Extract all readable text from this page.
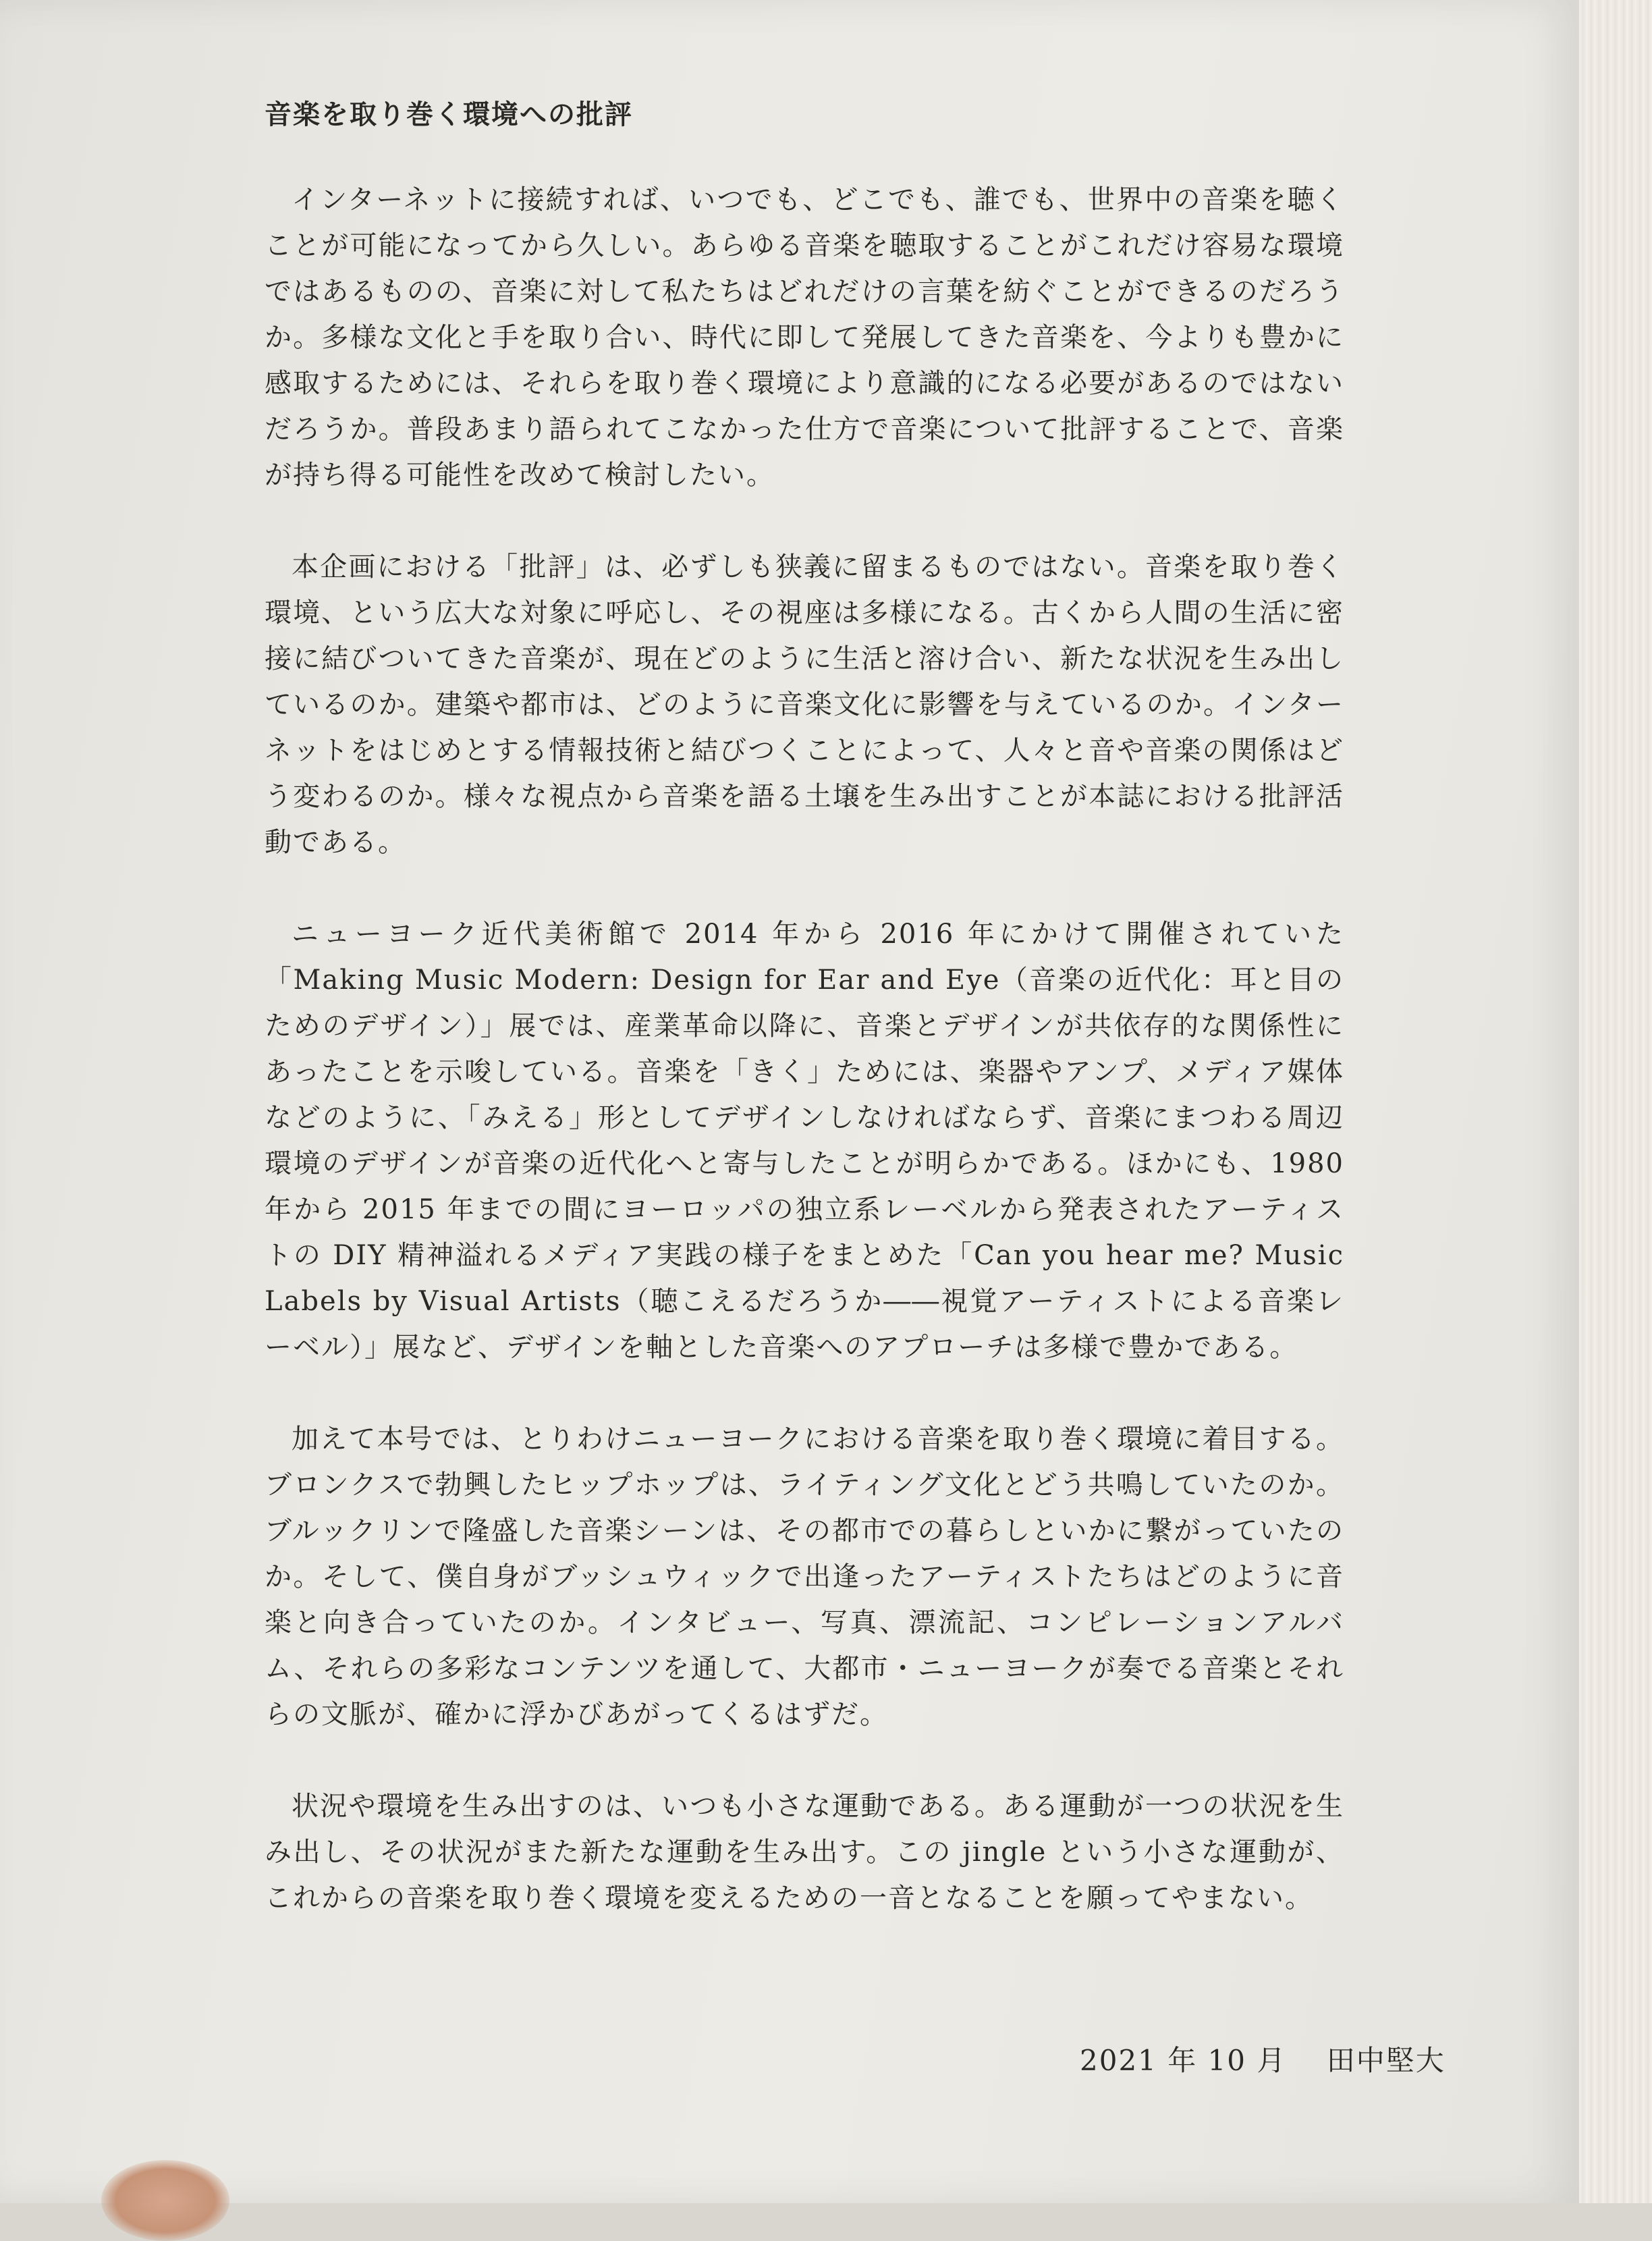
音楽を取り巻く環境への批評

インターネットに接続すれば、いつでも、どこでも、誰でも、世界中の音楽を聴くことが可能になってから久しい。あらゆる音楽を聴取することがこれだけ容易な環境ではあるものの、音楽に対して私たちはどれだけの言葉を紡ぐことができるのだろうか。多様な文化と手を取り合い、時代に即して発展してきた音楽を、今よりも豊かに感取するためには、それらを取り巻く環境により意識的になる必要があるのではないだろうか。普段あまり語られてこなかった仕方で音楽について批評することで、音楽が持ち得る可能性を改めて検討したい。

本企画における「批評」は、必ずしも狭義に留まるものではない。音楽を取り巻く環境、という広大な対象に呼応し、その視座は多様になる。古くから人間の生活に密接に結びついてきた音楽が、現在どのように生活と溶け合い、新たな状況を生み出しているのか。建築や都市は、どのように音楽文化に影響を与えているのか。インターネットをはじめとする情報技術と結びつくことによって、人々と音や音楽の関係はどう変わるのか。様々な視点から音楽を語る土壌を生み出すことが本誌における批評活動である。

ニューヨーク近代美術館で 2014 年から 2016 年にかけて開催されていた「Making Music Modern: Design for Ear and Eye（音楽の近代化：耳と目のためのデザイン）」展では、産業革命以降に、音楽とデザインが共依存的な関係性にあったことを示唆している。音楽を「きく」ためには、楽器やアンプ、メディア媒体などのように、「みえる」形としてデザインしなければならず、音楽にまつわる周辺環境のデザインが音楽の近代化へと寄与したことが明らかである。ほかにも、1980 年から 2015 年までの間にヨーロッパの独立系レーベルから発表されたアーティストの DIY 精神溢れるメディア実践の様子をまとめた「Can you hear me? Music Labels by Visual Artists（聴こえるだろうか――視覚アーティストによる音楽レーベル）」展など、デザインを軸とした音楽へのアプローチは多様で豊かである。

加えて本号では、とりわけニューヨークにおける音楽を取り巻く環境に着目する。ブロンクスで勃興したヒップホップは、ライティング文化とどう共鳴していたのか。ブルックリンで隆盛した音楽シーンは、その都市での暮らしといかに繋がっていたのか。そして、僕自身がブッシュウィックで出逢ったアーティストたちはどのように音楽と向き合っていたのか。インタビュー、写真、漂流記、コンピレーションアルバム、それらの多彩なコンテンツを通して、大都市・ニューヨークが奏でる音楽とそれらの文脈が、確かに浮かびあがってくるはずだ。

状況や環境を生み出すのは、いつも小さな運動である。ある運動が一つの状況を生み出し、その状況がまた新たな運動を生み出す。この jingle という小さな運動が、これからの音楽を取り巻く環境を変えるための一音となることを願ってやまない。

2021 年 10 月 田中堅大
